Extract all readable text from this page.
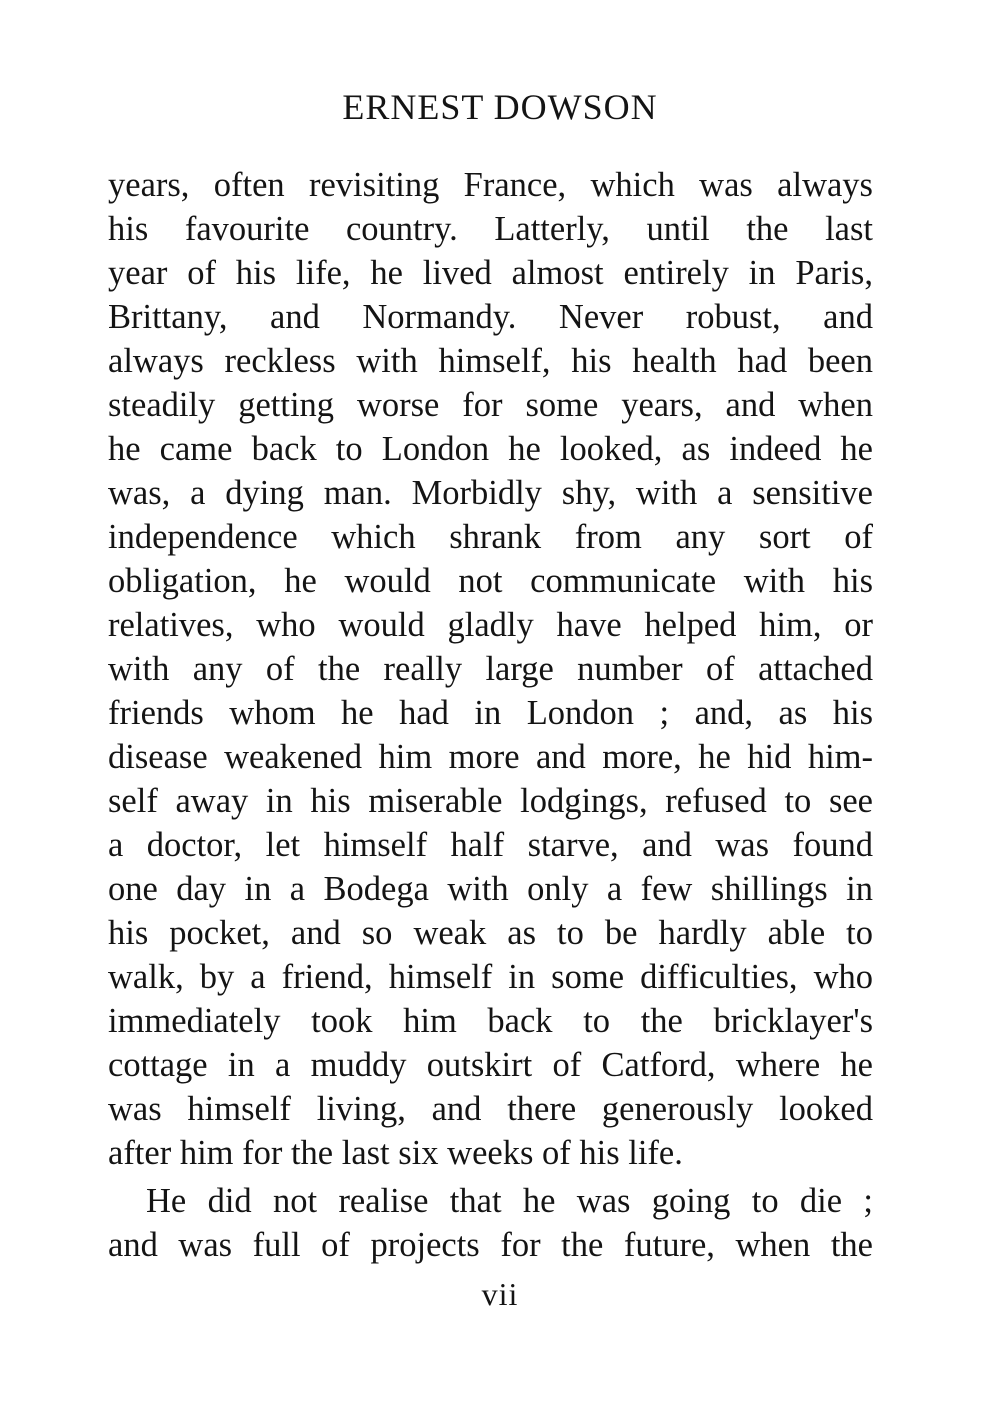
ERNEST DOWSON
years, often revisiting France, which was always
his favourite country. Latterly, until the last
year of his life, he lived almost entirely in Paris,
Brittany, and Normandy. Never robust, and
always reckless with himself, his health had been
steadily getting worse for some years, and when
he came back to London he looked, as indeed he
was, a dying man. Morbidly shy, with a sensitive
independence which shrank from any sort of
obligation, he would not communicate with his
relatives, who would gladly have helped him, or
with any of the really large number of attached
friends whom he had in London ; and, as his
disease weakened him more and more, he hid him-
self away in his miserable lodgings, refused to see
a doctor, let himself half starve, and was found
one day in a Bodega with only a few shillings in
his pocket, and so weak as to be hardly able to
walk, by a friend, himself in some difficulties, who
immediately took him back to the bricklayer's
cottage in a muddy outskirt of Catford, where he
was himself living, and there generously looked
after him for the last six weeks of his life.
He did not realise that he was going to die ;
and was full of projects for the future, when the
vii
